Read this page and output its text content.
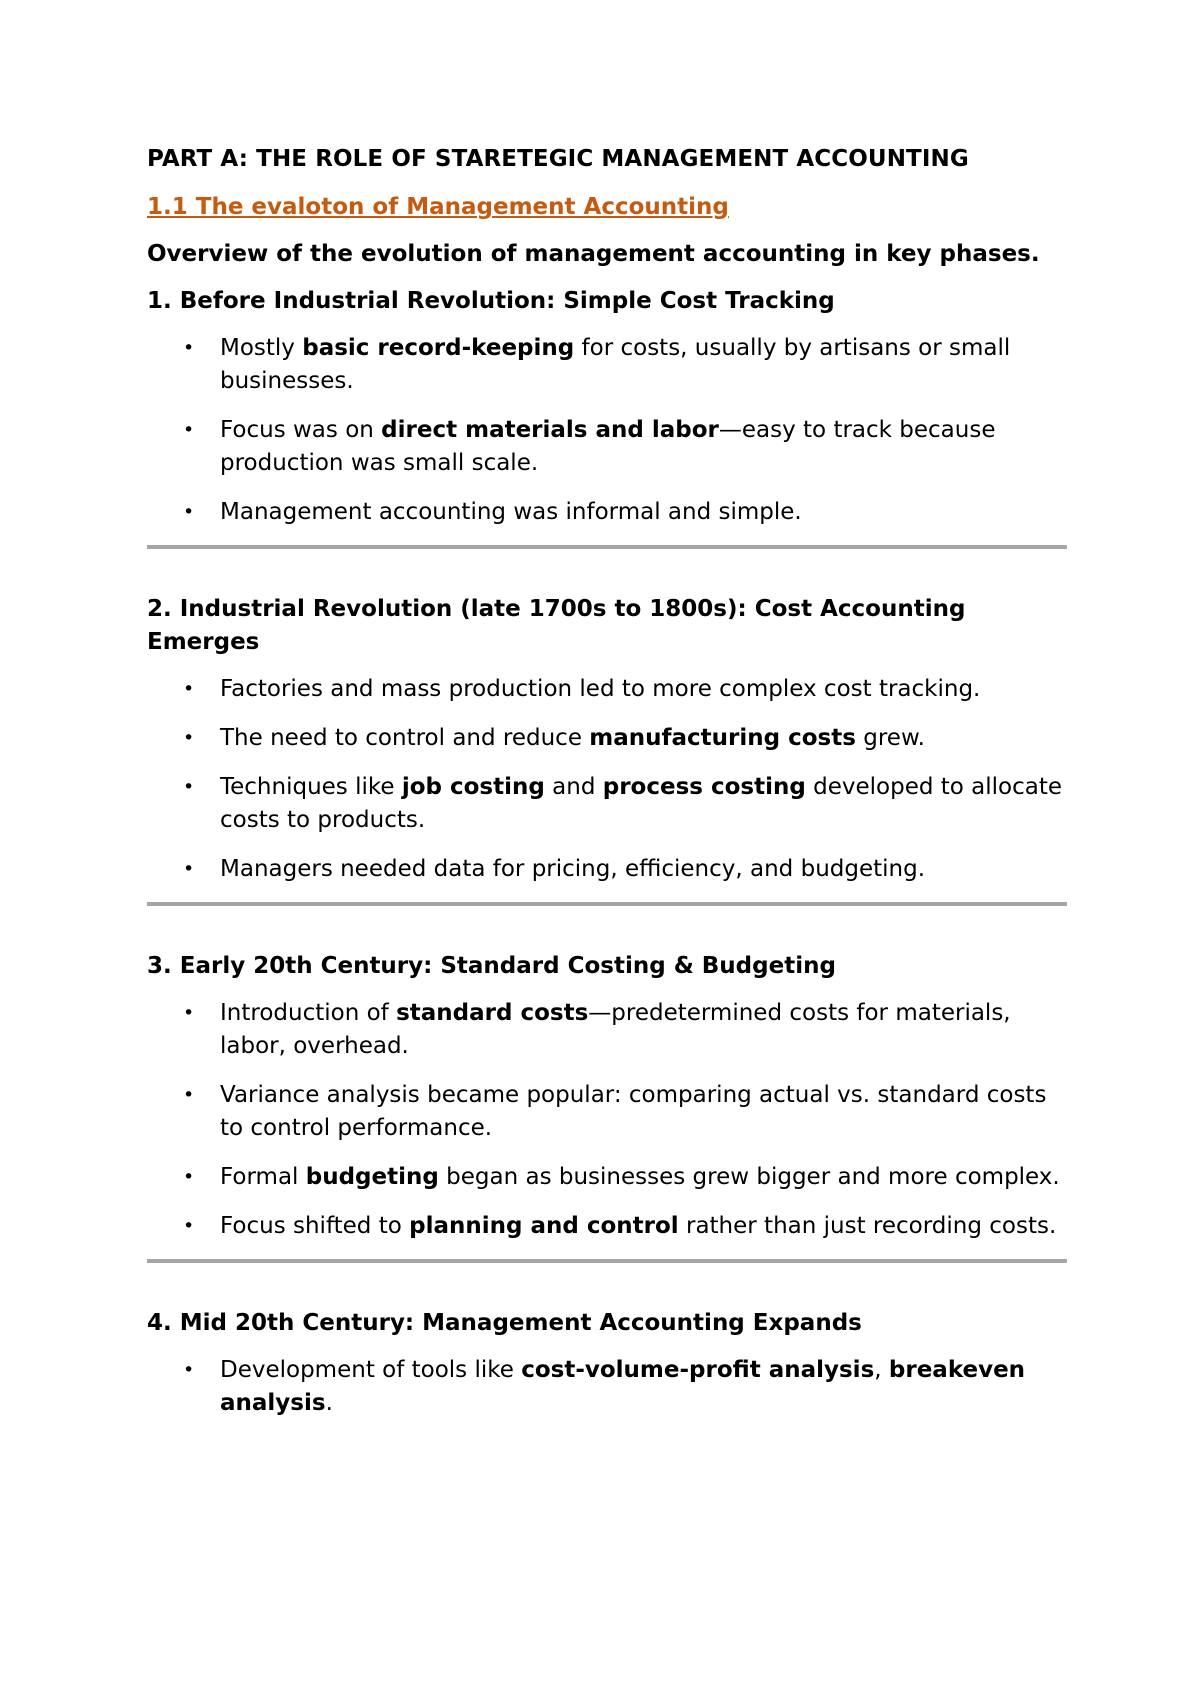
PART A: THE ROLE OF STARETEGIC MANAGEMENT ACCOUNTING
1.1 The evaloton of Management Accounting
Overview of the evolution of management accounting in key phases.
1. Before Industrial Revolution: Simple Cost Tracking
• Mostly basic record-keeping for costs, usually by artisans or small businesses.
• Focus was on direct materials and labor—easy to track because production was small scale.
• Management accounting was informal and simple.
2. Industrial Revolution (late 1700s to 1800s): Cost Accounting Emerges
• Factories and mass production led to more complex cost tracking.
• The need to control and reduce manufacturing costs grew.
• Techniques like job costing and process costing developed to allocate costs to products.
• Managers needed data for pricing, efficiency, and budgeting.
3. Early 20th Century: Standard Costing & Budgeting
• Introduction of standard costs—predetermined costs for materials, labor, overhead.
• Variance analysis became popular: comparing actual vs. standard costs to control performance.
• Formal budgeting began as businesses grew bigger and more complex.
• Focus shifted to planning and control rather than just recording costs.
4. Mid 20th Century: Management Accounting Expands
• Development of tools like cost-volume-profit analysis, breakeven analysis.
